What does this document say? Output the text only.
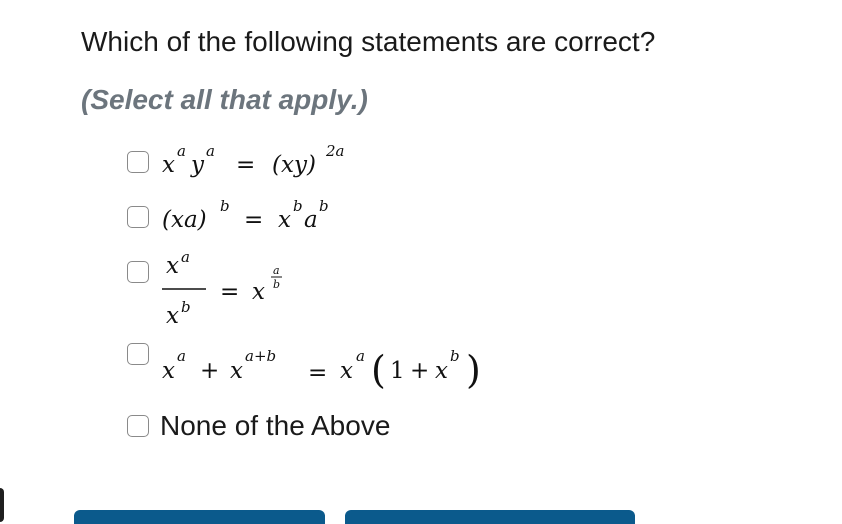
Which of the following statements are correct?
(Select all that apply.)
x
a
y
a
= (xy)
2a
(xa)
b
= x
b
a
b
x a
x b
= x
a
b
x
a
+ x
a+b
= x
a ( 1 + x
b )
None of the Above
